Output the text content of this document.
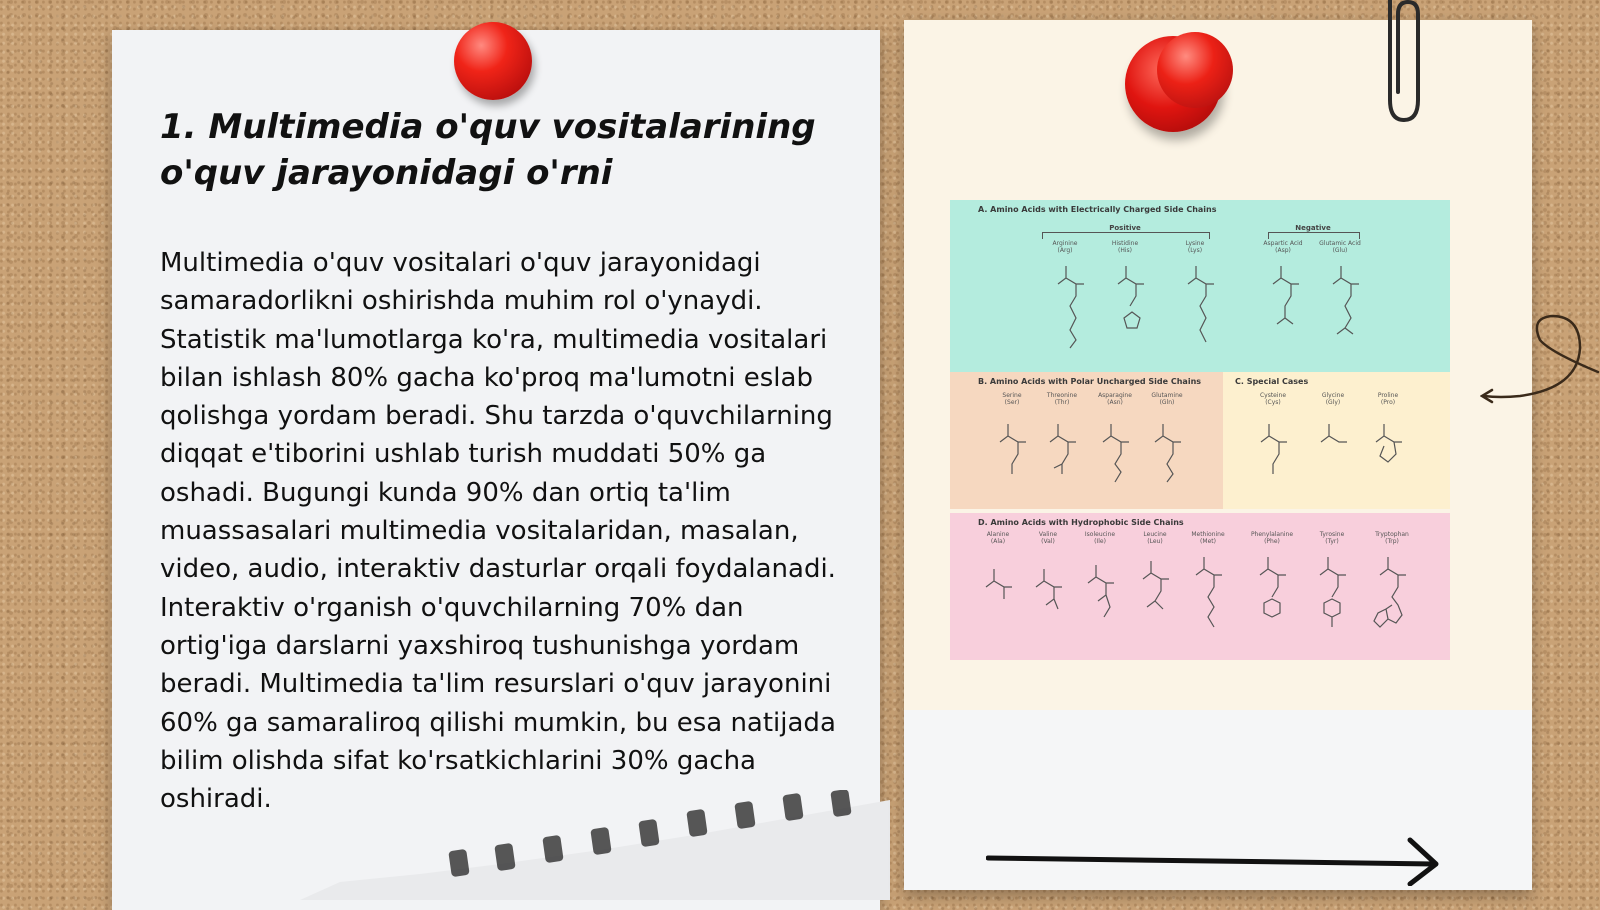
1. Multimedia o'quv vositalarining o'quv jarayonidagi o'rni

Multimedia o'quv vositalari o'quv jarayonidagi samaradorlikni oshirishda muhim rol o'ynaydi. Statistik ma'lumotlarga ko'ra, multimedia vositalari bilan ishlash 80% gacha ko'proq ma'lumotni eslab qolishga yordam beradi. Shu tarzda o'quvchilarning diqqat e'tiborini ushlab turish muddati 50% ga oshadi. Bugungi kunda 90% dan ortiq ta'lim muassasalari multimedia vositalaridan, masalan, video, audio, interaktiv dasturlar orqali foydalanadi. Interaktiv o'rganish o'quvchilarning 70% dan ortig'iga darslarni yaxshiroq tushunishga yordam beradi. Multimedia ta'lim resurslari o'quv jarayonini 60% ga samaraliroq qilishi mumkin, bu esa natijada bilim olishda sifat ko'rsatkichlarini 30% gacha oshiradi.

A. Amino Acids with Electrically Charged Side Chains
Positive	Negative
Arginine
(Arg)
Histidine
(His)
Lysine
(Lys)
Aspartic Acid
(Asp)
Glutamic Acid
(Glu)
B. Amino Acids with Polar Uncharged Side Chains
Serine
(Ser)
Threonine
(Thr)
Asparagine
(Asn)
Glutamine
(Gln)
C. Special Cases
Cysteine
(Cys)
Glycine
(Gly)
Proline
(Pro)
D. Amino Acids with Hydrophobic Side Chains
Alanine
(Ala)
Valine
(Val)
Isoleucine
(Ile)
Leucine
(Leu)
Methionine
(Met)
Phenylalanine
(Phe)
Tyrosine
(Tyr)
Tryptophan
(Trp)
